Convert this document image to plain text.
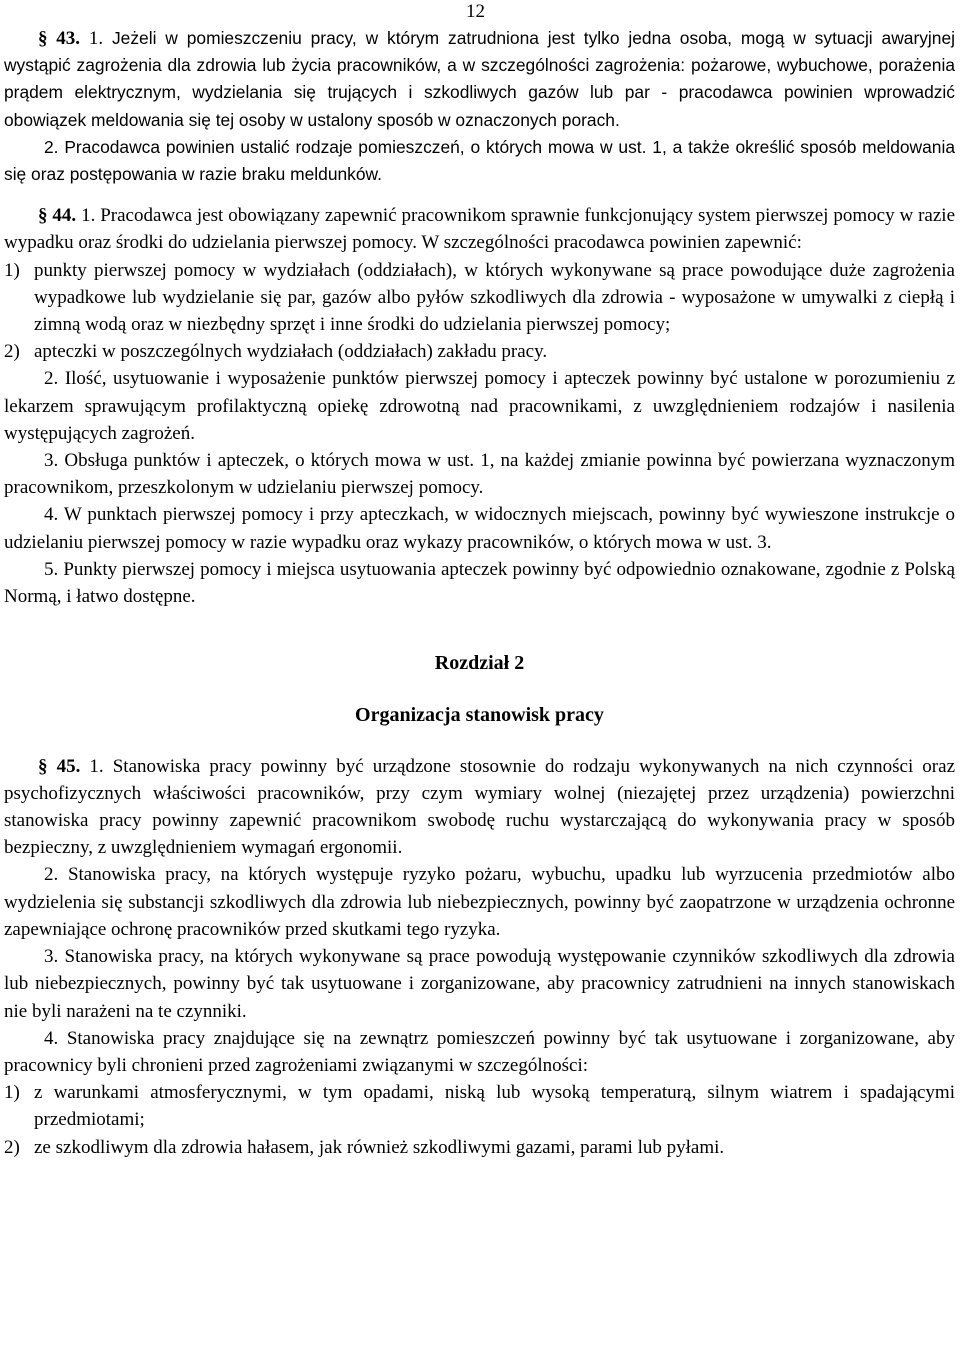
12

§ 43. 1. Jeżeli w pomieszczeniu pracy, w którym zatrudniona jest tylko jedna osoba, mogą w sytuacji awaryjnej wystąpić zagrożenia dla zdrowia lub życia pracowników, a w szczególności zagrożenia: pożarowe, wybuchowe, porażenia prądem elektrycznym, wydzielania się trujących i szkodliwych gazów lub par - pracodawca powinien wprowadzić obowiązek meldowania się tej osoby w ustalony sposób w oznaczonych porach.

2. Pracodawca powinien ustalić rodzaje pomieszczeń, o których mowa w ust. 1, a także określić sposób meldowania się oraz postępowania w razie braku meldunków.

§ 44. 1. Pracodawca jest obowiązany zapewnić pracownikom sprawnie funkcjonujący system pierwszej pomocy w razie wypadku oraz środki do udzielania pierwszej pomocy. W szczególności pracodawca powinien zapewnić:

1) punkty pierwszej pomocy w wydziałach (oddziałach), w których wykonywane są prace powodujące duże zagrożenia wypadkowe lub wydzielanie się par, gazów albo pyłów szkodliwych dla zdrowia - wyposażone w umywalki z ciepłą i zimną wodą oraz w niezbędny sprzęt i inne środki do udzielania pierwszej pomocy;
2) apteczki w poszczególnych wydziałach (oddziałach) zakładu pracy.

2. Ilość, usytuowanie i wyposażenie punktów pierwszej pomocy i apteczek powinny być ustalone w porozumieniu z lekarzem sprawującym profilaktyczną opiekę zdrowotną nad pracownikami, z uwzględnieniem rodzajów i nasilenia występujących zagrożeń.

3. Obsługa punktów i apteczek, o których mowa w ust. 1, na każdej zmianie powinna być powierzana wyznaczonym pracownikom, przeszkolonym w udzielaniu pierwszej pomocy.

4. W punktach pierwszej pomocy i przy apteczkach, w widocznych miejscach, powinny być wywieszone instrukcje o udzielaniu pierwszej pomocy w razie wypadku oraz wykazy pracowników, o których mowa w ust. 3.

5. Punkty pierwszej pomocy i miejsca usytuowania apteczek powinny być odpowiednio oznakowane, zgodnie z Polską Normą, i łatwo dostępne.

Rozdział 2

Organizacja stanowisk pracy

§ 45. 1. Stanowiska pracy powinny być urządzone stosownie do rodzaju wykonywanych na nich czynności oraz psychofizycznych właściwości pracowników, przy czym wymiary wolnej (niezajętej przez urządzenia) powierzchni stanowiska pracy powinny zapewnić pracownikom swobodę ruchu wystarczającą do wykonywania pracy w sposób bezpieczny, z uwzględnieniem wymagań ergonomii.

2. Stanowiska pracy, na których występuje ryzyko pożaru, wybuchu, upadku lub wyrzucenia przedmiotów albo wydzielenia się substancji szkodliwych dla zdrowia lub niebezpiecznych, powinny być zaopatrzone w urządzenia ochronne zapewniające ochronę pracowników przed skutkami tego ryzyka.

3. Stanowiska pracy, na których wykonywane są prace powodują występowanie czynników szkodliwych dla zdrowia lub niebezpiecznych, powinny być tak usytuowane i zorganizowane, aby pracownicy zatrudnieni na innych stanowiskach nie byli narażeni na te czynniki.

4. Stanowiska pracy znajdujące się na zewnątrz pomieszczeń powinny być tak usytuowane i zorganizowane, aby pracownicy byli chronieni przed zagrożeniami związanymi w szczególności:

1) z warunkami atmosferycznymi, w tym opadami, niską lub wysoką temperaturą, silnym wiatrem i spadającymi przedmiotami;
2) ze szkodliwym dla zdrowia hałasem, jak również szkodliwymi gazami, parami lub pyłami.
